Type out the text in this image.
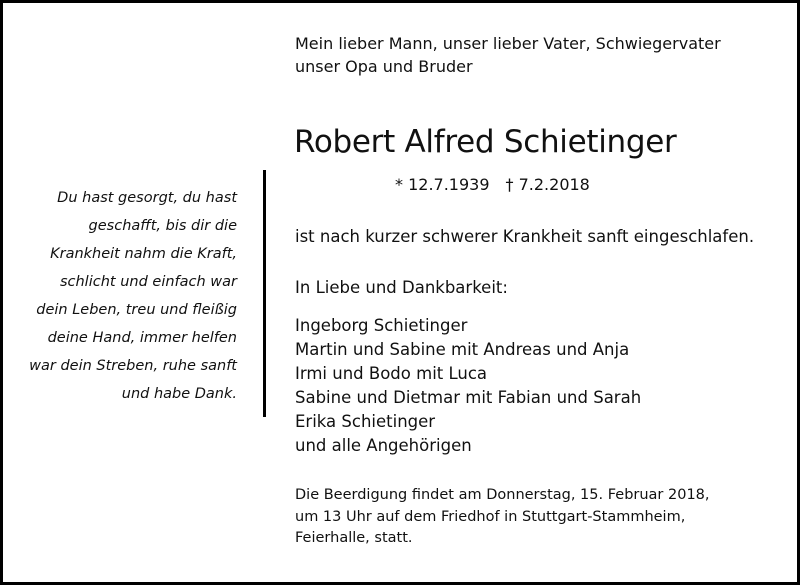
Mein lieber Mann, unser lieber Vater, Schwiegervater
unser Opa und Bruder
Robert Alfred Schietinger
* 12.7.1939 † 7.2.2018
ist nach kurzer schwerer Krankheit sanft eingeschlafen.
In Liebe und Dankbarkeit:
Ingeborg Schietinger
Martin und Sabine mit Andreas und Anja
Irmi und Bodo mit Luca
Sabine und Dietmar mit Fabian und Sarah
Erika Schietinger
und alle Angehörigen
Die Beerdigung findet am Donnerstag, 15. Februar 2018,
um 13 Uhr auf dem Friedhof in Stuttgart-Stammheim,
Feierhalle, statt.
Du hast gesorgt, du hast
geschafft, bis dir die
Krankheit nahm die Kraft,
schlicht und einfach war
dein Leben, treu und fleißig
deine Hand, immer helfen
war dein Streben, ruhe sanft
und habe Dank.
